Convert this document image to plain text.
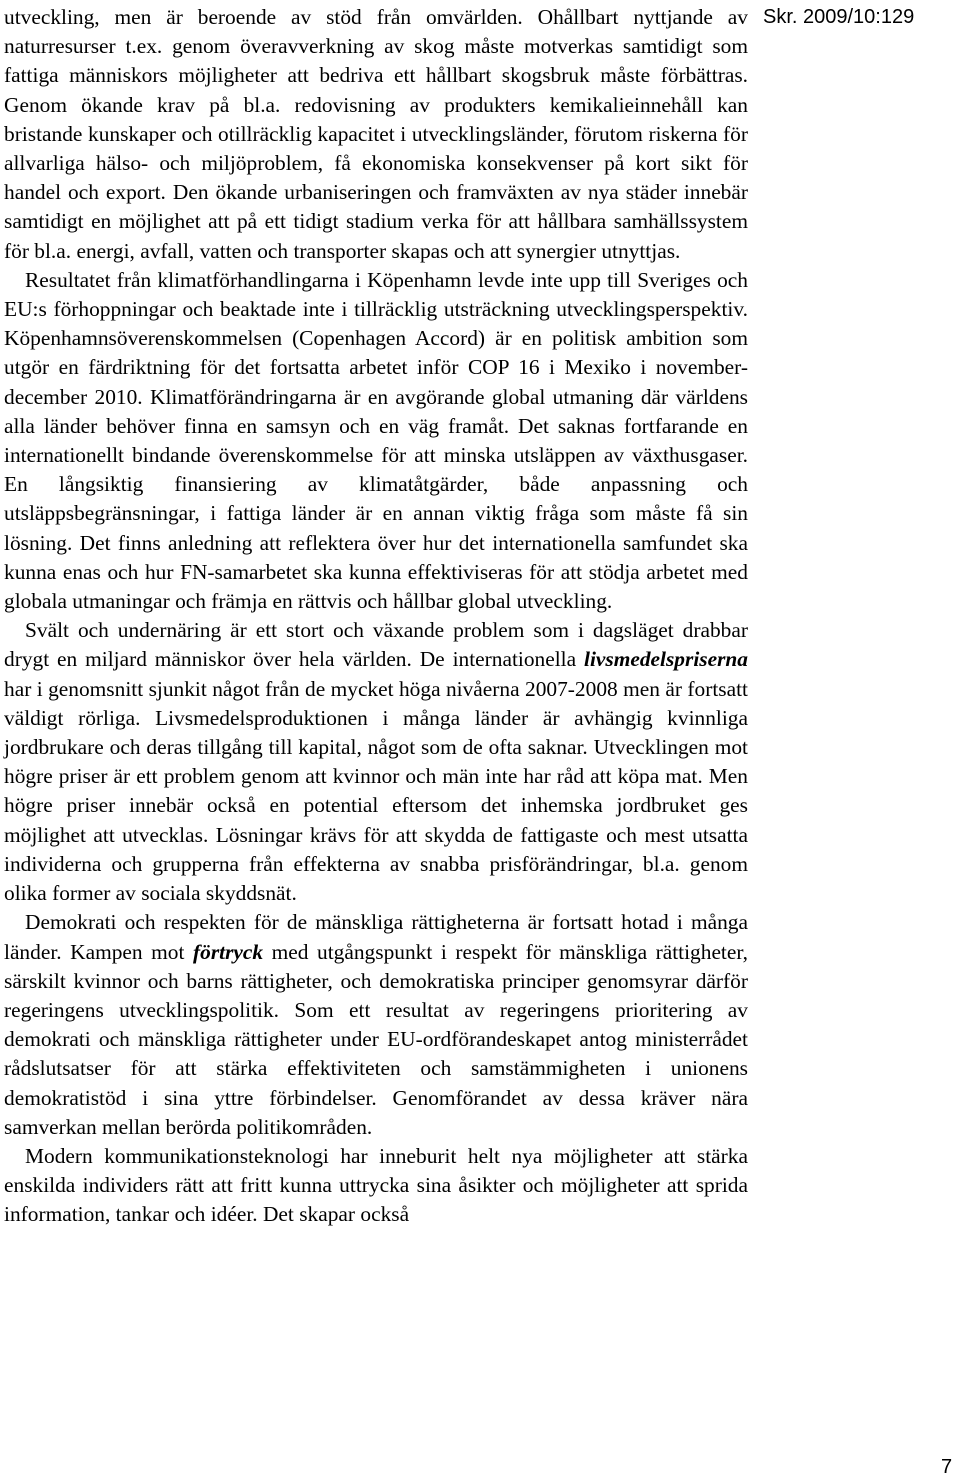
utveckling, men är beroende av stöd från omvärlden. Ohållbart nyttjande av naturresurser t.ex. genom överavverkning av skog måste motverkas samtidigt som fattiga människors möjligheter att bedriva ett hållbart skogsbruk måste förbättras. Genom ökande krav på bl.a. redovisning av produkters kemikalieinnehåll kan bristande kunskaper och otillräcklig kapacitet i utvecklingsländer, förutom riskerna för allvarliga hälso- och miljöproblem, få ekonomiska konsekvenser på kort sikt för handel och export. Den ökande urbaniseringen och framväxten av nya städer innebär samtidigt en möjlighet att på ett tidigt stadium verka för att hållbara samhällssystem för bl.a. energi, avfall, vatten och transporter skapas och att synergier utnyttjas.

Resultatet från klimatförhandlingarna i Köpenhamn levde inte upp till Sveriges och EU:s förhoppningar och beaktade inte i tillräcklig utsträckning utvecklingsperspektiv. Köpenhamnsöverenskommelsen (Copenhagen Accord) är en politisk ambition som utgör en färdriktning för det fortsatta arbetet inför COP 16 i Mexiko i november-december 2010. Klimatförändringarna är en avgörande global utmaning där världens alla länder behöver finna en samsyn och en väg framåt. Det saknas fortfarande en internationellt bindande överenskommelse för att minska utsläppen av växthusgaser. En långsiktig finansiering av klimatåtgärder, både anpassning och utsläppsbegränsningar, i fattiga länder är en annan viktig fråga som måste få sin lösning. Det finns anledning att reflektera över hur det internationella samfundet ska kunna enas och hur FN-samarbetet ska kunna effektiviseras för att stödja arbetet med globala utmaningar och främja en rättvis och hållbar global utveckling.

Svält och undernäring är ett stort och växande problem som i dagsläget drabbar drygt en miljard människor över hela världen. De internationella livsmedelspriserna har i genomsnitt sjunkit något från de mycket höga nivåerna 2007-2008 men är fortsatt väldigt rörliga. Livsmedelsproduktionen i många länder är avhängig kvinnliga jordbrukare och deras tillgång till kapital, något som de ofta saknar. Utvecklingen mot högre priser är ett problem genom att kvinnor och män inte har råd att köpa mat. Men högre priser innebär också en potential eftersom det inhemska jordbruket ges möjlighet att utvecklas. Lösningar krävs för att skydda de fattigaste och mest utsatta individerna och grupperna från effekterna av snabba prisförändringar, bl.a. genom olika former av sociala skyddsnät.

Demokrati och respekten för de mänskliga rättigheterna är fortsatt hotad i många länder. Kampen mot förtryck med utgångspunkt i respekt för mänskliga rättigheter, särskilt kvinnor och barns rättigheter, och demokratiska principer genomsyrar därför regeringens utvecklingspolitik. Som ett resultat av regeringens prioritering av demokrati och mänskliga rättigheter under EU-ordförandeskapet antog ministerrådet rådslutsatser för att stärka effektiviteten och samstämmigheten i unionens demokratistöd i sina yttre förbindelser. Genomförandet av dessa kräver nära samverkan mellan berörda politikområden.

Modern kommunikationsteknologi har inneburit helt nya möjligheter att stärka enskilda individers rätt att fritt kunna uttrycka sina åsikter och möjligheter att sprida information, tankar och idéer. Det skapar också

Skr. 2009/10:129
7
